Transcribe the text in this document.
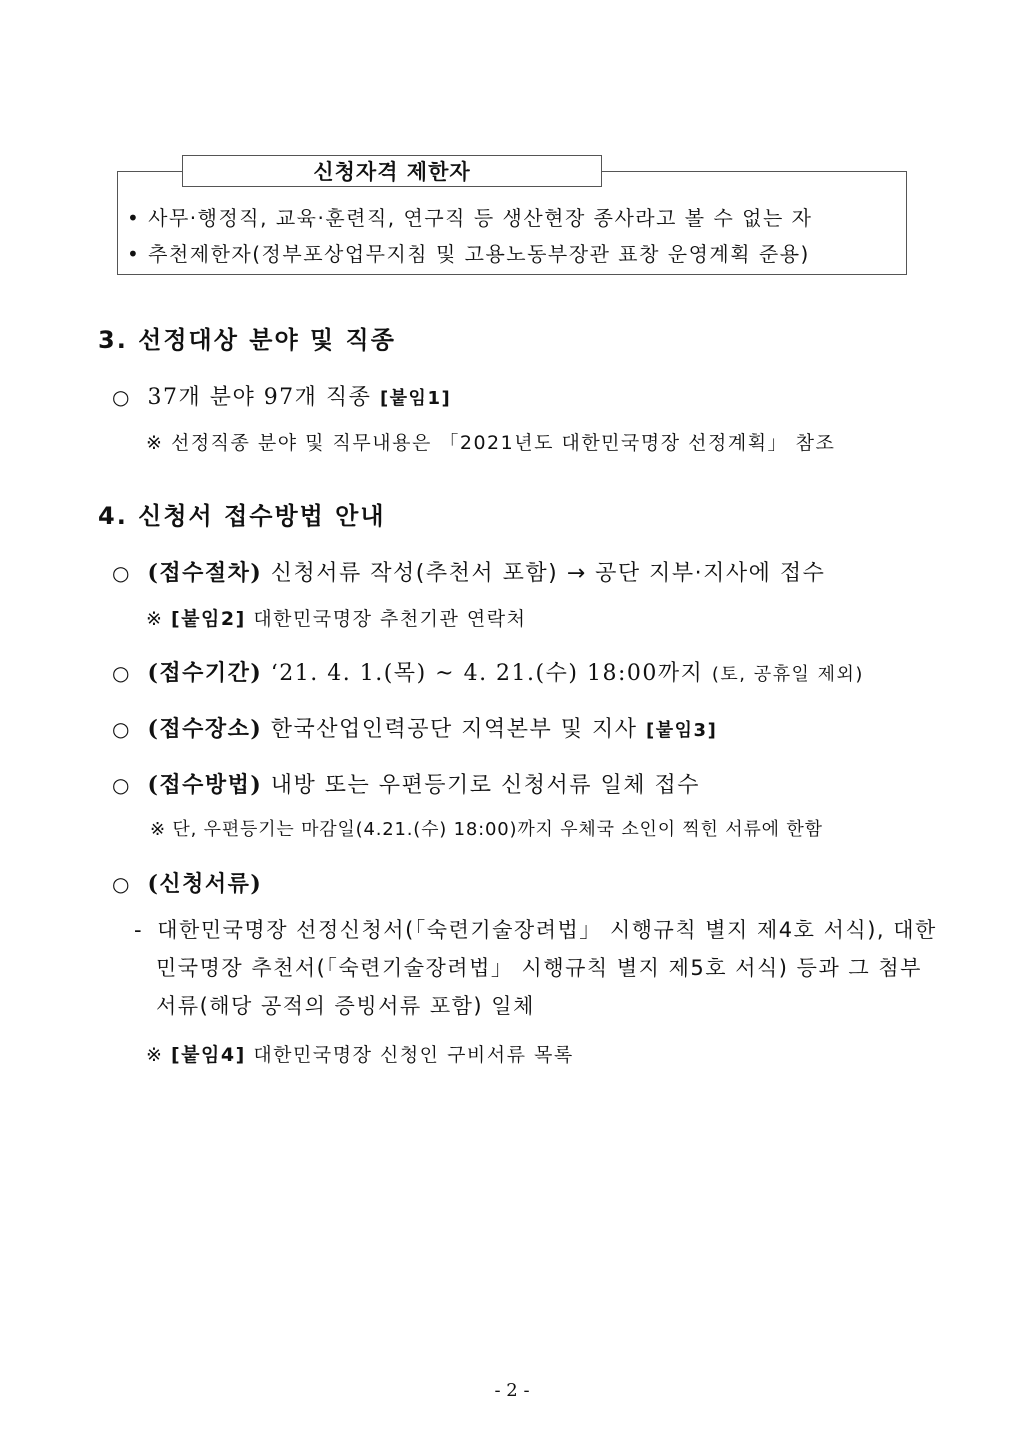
신청자격 제한자
• 사무·행정직, 교육·훈련직, 연구직 등 생산현장 종사라고 볼 수 없는 자
• 추천제한자(정부포상업무지침 및 고용노동부장관 표창 운영계획 준용)
3. 선정대상 분야 및 직종
○ 37개 분야 97개 직종 [붙임1]
※ 선정직종 분야 및 직무내용은 「2021년도 대한민국명장 선정계획」 참조
4. 신청서 접수방법 안내
○ (접수절차) 신청서류 작성(추천서 포함) → 공단 지부·지사에 접수
※ [붙임2] 대한민국명장 추천기관 연락처
○ (접수기간) ‘21. 4. 1.(목) ~ 4. 21.(수) 18:00까지 (토, 공휴일 제외)
○ (접수장소) 한국산업인력공단 지역본부 및 지사 [붙임3]
○ (접수방법) 내방 또는 우편등기로 신청서류 일체 접수
※ 단, 우편등기는 마감일(4.21.(수) 18:00)까지 우체국 소인이 찍힌 서류에 한함
○ (신청서류)
- 대한민국명장 선정신청서(「숙련기술장려법」 시행규칙 별지 제4호 서식), 대한
민국명장 추천서(「숙련기술장려법」 시행규칙 별지 제5호 서식) 등과 그 첨부
서류(해당 공적의 증빙서류 포함) 일체
※ [붙임4] 대한민국명장 신청인 구비서류 목록
- 2 -
